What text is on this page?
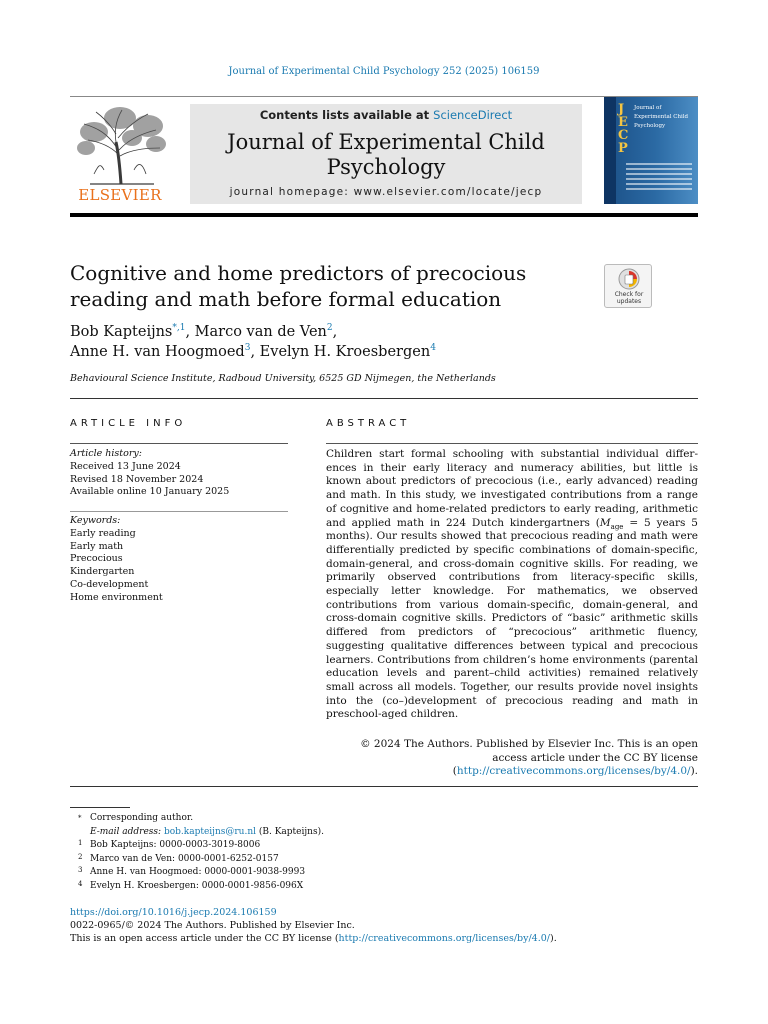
Journal of Experimental Child Psychology 252 (2025) 106159
ELSEVIER
Contents lists available at ScienceDirect
Journal of Experimental Child Psychology
journal homepage: www.elsevier.com/locate/jecp
J
E
C
P
Journal of Experimental Child Psychology
Cognitive and home predictors of precocious reading and math before formal education	Check for updates
Bob Kapteijns$^{*,1}$, Marco van de Ven$^2$,
Anne H. van Hoogmoed$^3$, Evelyn H. Kroesbergen$^4$
Behavioural Science Institute, Radboud University, 6525 GD Nijmegen, the Netherlands
ARTICLE INFO	ABSTRACT
Article history:
Received 13 June 2024
Revised 18 November 2024
Available online 10 January 2025
Keywords:
Early reading
Early math
Precocious
Kindergarten
Co-development
Home environment
Children start formal schooling with substantial individual differences in their early literacy and numeracy abilities, but little is known about predictors of precocious (i.e., early advanced) reading and math. In this study, we investigated contributions from a range of cognitive and home-related predictors to early reading, arithmetic and applied math in 224 Dutch kindergartners ($M_{age} = 5$ years 5 months). Our results showed that precocious reading and math were differentially predicted by specific combinations of domain-specific, domain-general, and cross-domain cognitive skills. For reading, we primarily observed contributions from literacy-specific skills, especially letter knowledge. For mathematics, we observed contributions from various domain-specific, domain-general, and cross-domain cognitive skills. Predictors of “basic” arithmetic skills differed from predictors of “precocious” arithmetic fluency, suggesting qualitative differences between typical and precocious learners. Contributions from children’s home environments (parental education levels and parent–child activities) remained relatively small across all models. Together, our results provide novel insights into the (co–)development of precocious reading and math in preschool-aged children.
© 2024 The Authors. Published by Elsevier Inc. This is an open access article under the CC BY license (http://creativecommons.org/licenses/by/4.0/).
⁎ Corresponding author.
E-mail address: bob.kapteijns@ru.nl (B. Kapteijns).
1 Bob Kapteijns: 0000-0003-3019-8006
2 Marco van de Ven: 0000-0001-6252-0157
3 Anne H. van Hoogmoed: 0000-0001-9038-9993
4 Evelyn H. Kroesbergen: 0000-0001-9856-096X
https://doi.org/10.1016/j.jecp.2024.106159
0022-0965/© 2024 The Authors. Published by Elsevier Inc.
This is an open access article under the CC BY license (http://creativecommons.org/licenses/by/4.0/).
